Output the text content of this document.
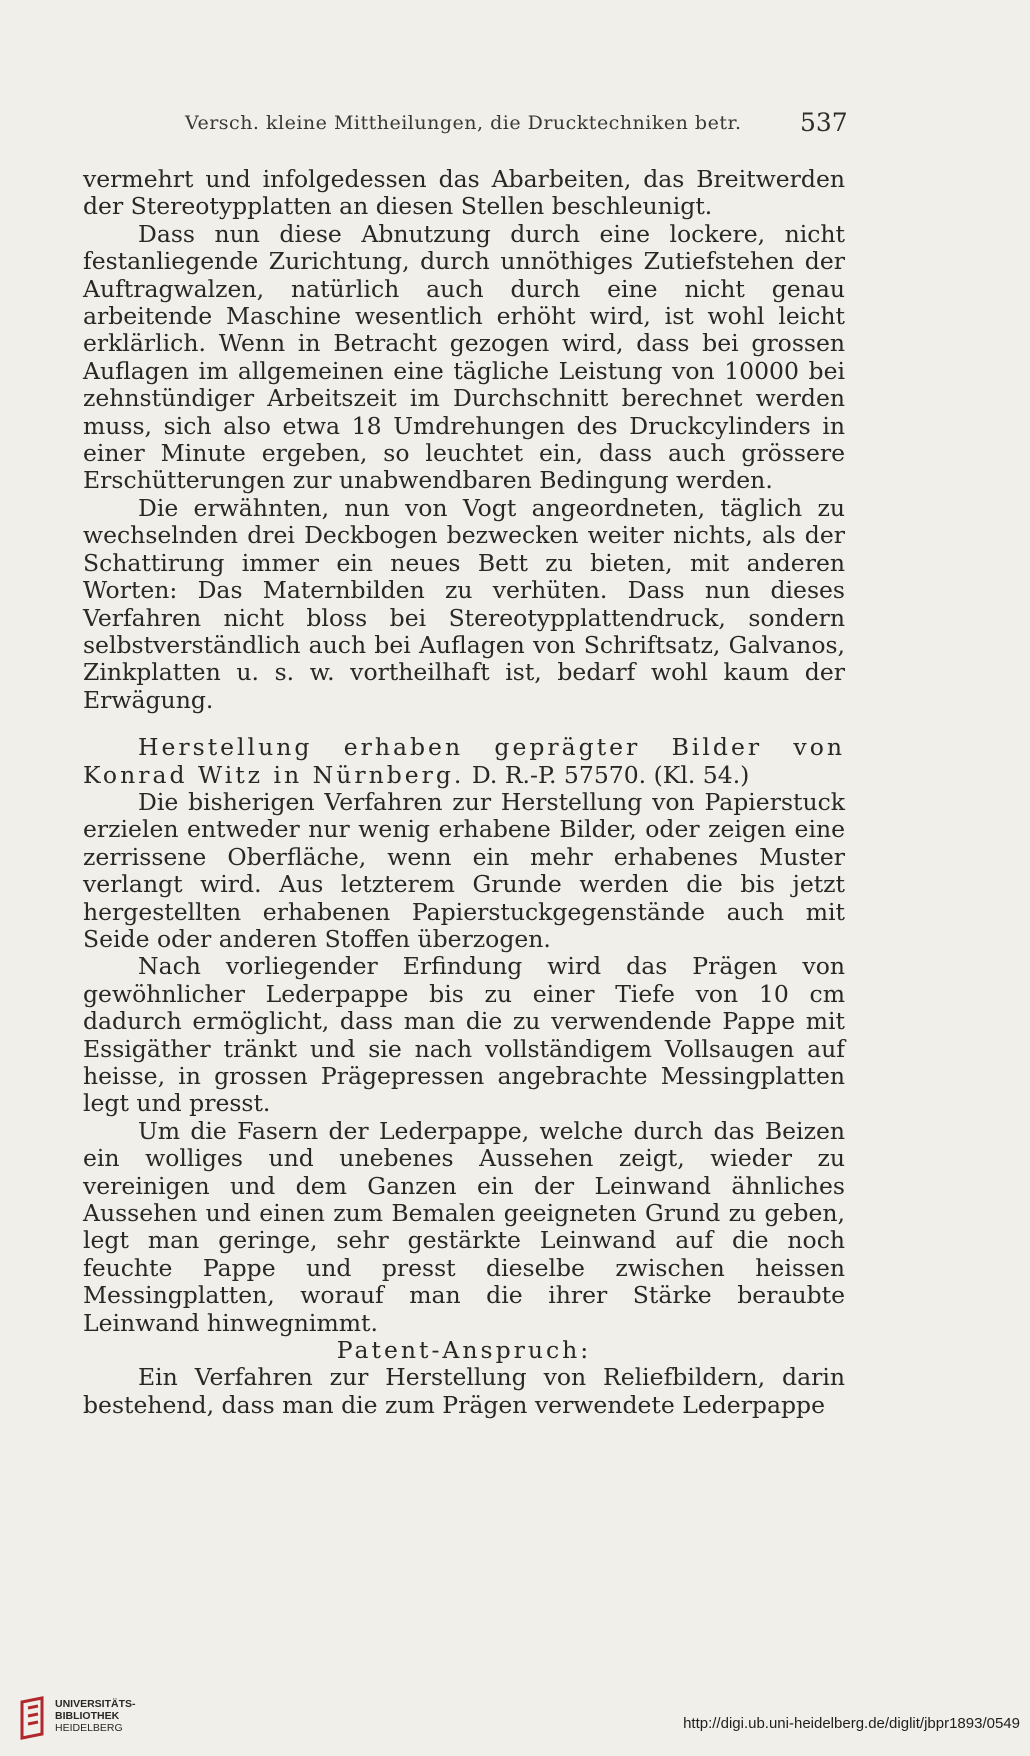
Versch. kleine Mittheilungen, die Drucktechniken betr.	537

vermehrt und infolgedessen das Abarbeiten, das Breitwerden der Stereotypplatten an diesen Stellen beschleunigt.

Dass nun diese Abnutzung durch eine lockere, nicht festanliegende Zurichtung, durch unnöthiges Zutiefstehen der Auftragwalzen, natürlich auch durch eine nicht genau arbeitende Maschine wesentlich erhöht wird, ist wohl leicht erklärlich. Wenn in Betracht gezogen wird, dass bei grossen Auflagen im allgemeinen eine tägliche Leistung von 10000 bei zehnstündiger Arbeitszeit im Durchschnitt berechnet werden muss, sich also etwa 18 Umdrehungen des Druckcylinders in einer Minute ergeben, so leuchtet ein, dass auch grössere Erschütterungen zur unabwendbaren Bedingung werden.

Die erwähnten, nun von Vogt angeordneten, täglich zu wechselnden drei Deckbogen bezwecken weiter nichts, als der Schattirung immer ein neues Bett zu bieten, mit anderen Worten: Das Maternbilden zu verhüten. Dass nun dieses Verfahren nicht bloss bei Stereotypplattendruck, sondern selbstverständlich auch bei Auflagen von Schriftsatz, Galvanos, Zinkplatten u. s. w. vortheilhaft ist, bedarf wohl kaum der Erwägung.

Herstellung erhaben geprägter Bilder von Konrad Witz in Nürnberg. D. R.-P. 57570. (Kl. 54.)

Die bisherigen Verfahren zur Herstellung von Papierstuck erzielen entweder nur wenig erhabene Bilder, oder zeigen eine zerrissene Oberfläche, wenn ein mehr erhabenes Muster verlangt wird. Aus letzterem Grunde werden die bis jetzt hergestellten erhabenen Papierstuckgegenstände auch mit Seide oder anderen Stoffen überzogen.

Nach vorliegender Erfindung wird das Prägen von gewöhnlicher Lederpappe bis zu einer Tiefe von 10 cm dadurch ermöglicht, dass man die zu verwendende Pappe mit Essigäther tränkt und sie nach vollständigem Vollsaugen auf heisse, in grossen Prägepressen angebrachte Messingplatten legt und presst.

Um die Fasern der Lederpappe, welche durch das Beizen ein wolliges und unebenes Aussehen zeigt, wieder zu vereinigen und dem Ganzen ein der Leinwand ähnliches Aussehen und einen zum Bemalen geeigneten Grund zu geben, legt man geringe, sehr gestärkte Leinwand auf die noch feuchte Pappe und presst dieselbe zwischen heissen Messingplatten, worauf man die ihrer Stärke beraubte Leinwand hinwegnimmt.

Patent-Anspruch:

Ein Verfahren zur Herstellung von Reliefbildern, darin bestehend, dass man die zum Prägen verwendete Lederpappe

UNIVERSITÄTS-
BIBLIOTHEK
HEIDELBERG	http://digi.ub.uni-heidelberg.de/diglit/jbpr1893/0549
